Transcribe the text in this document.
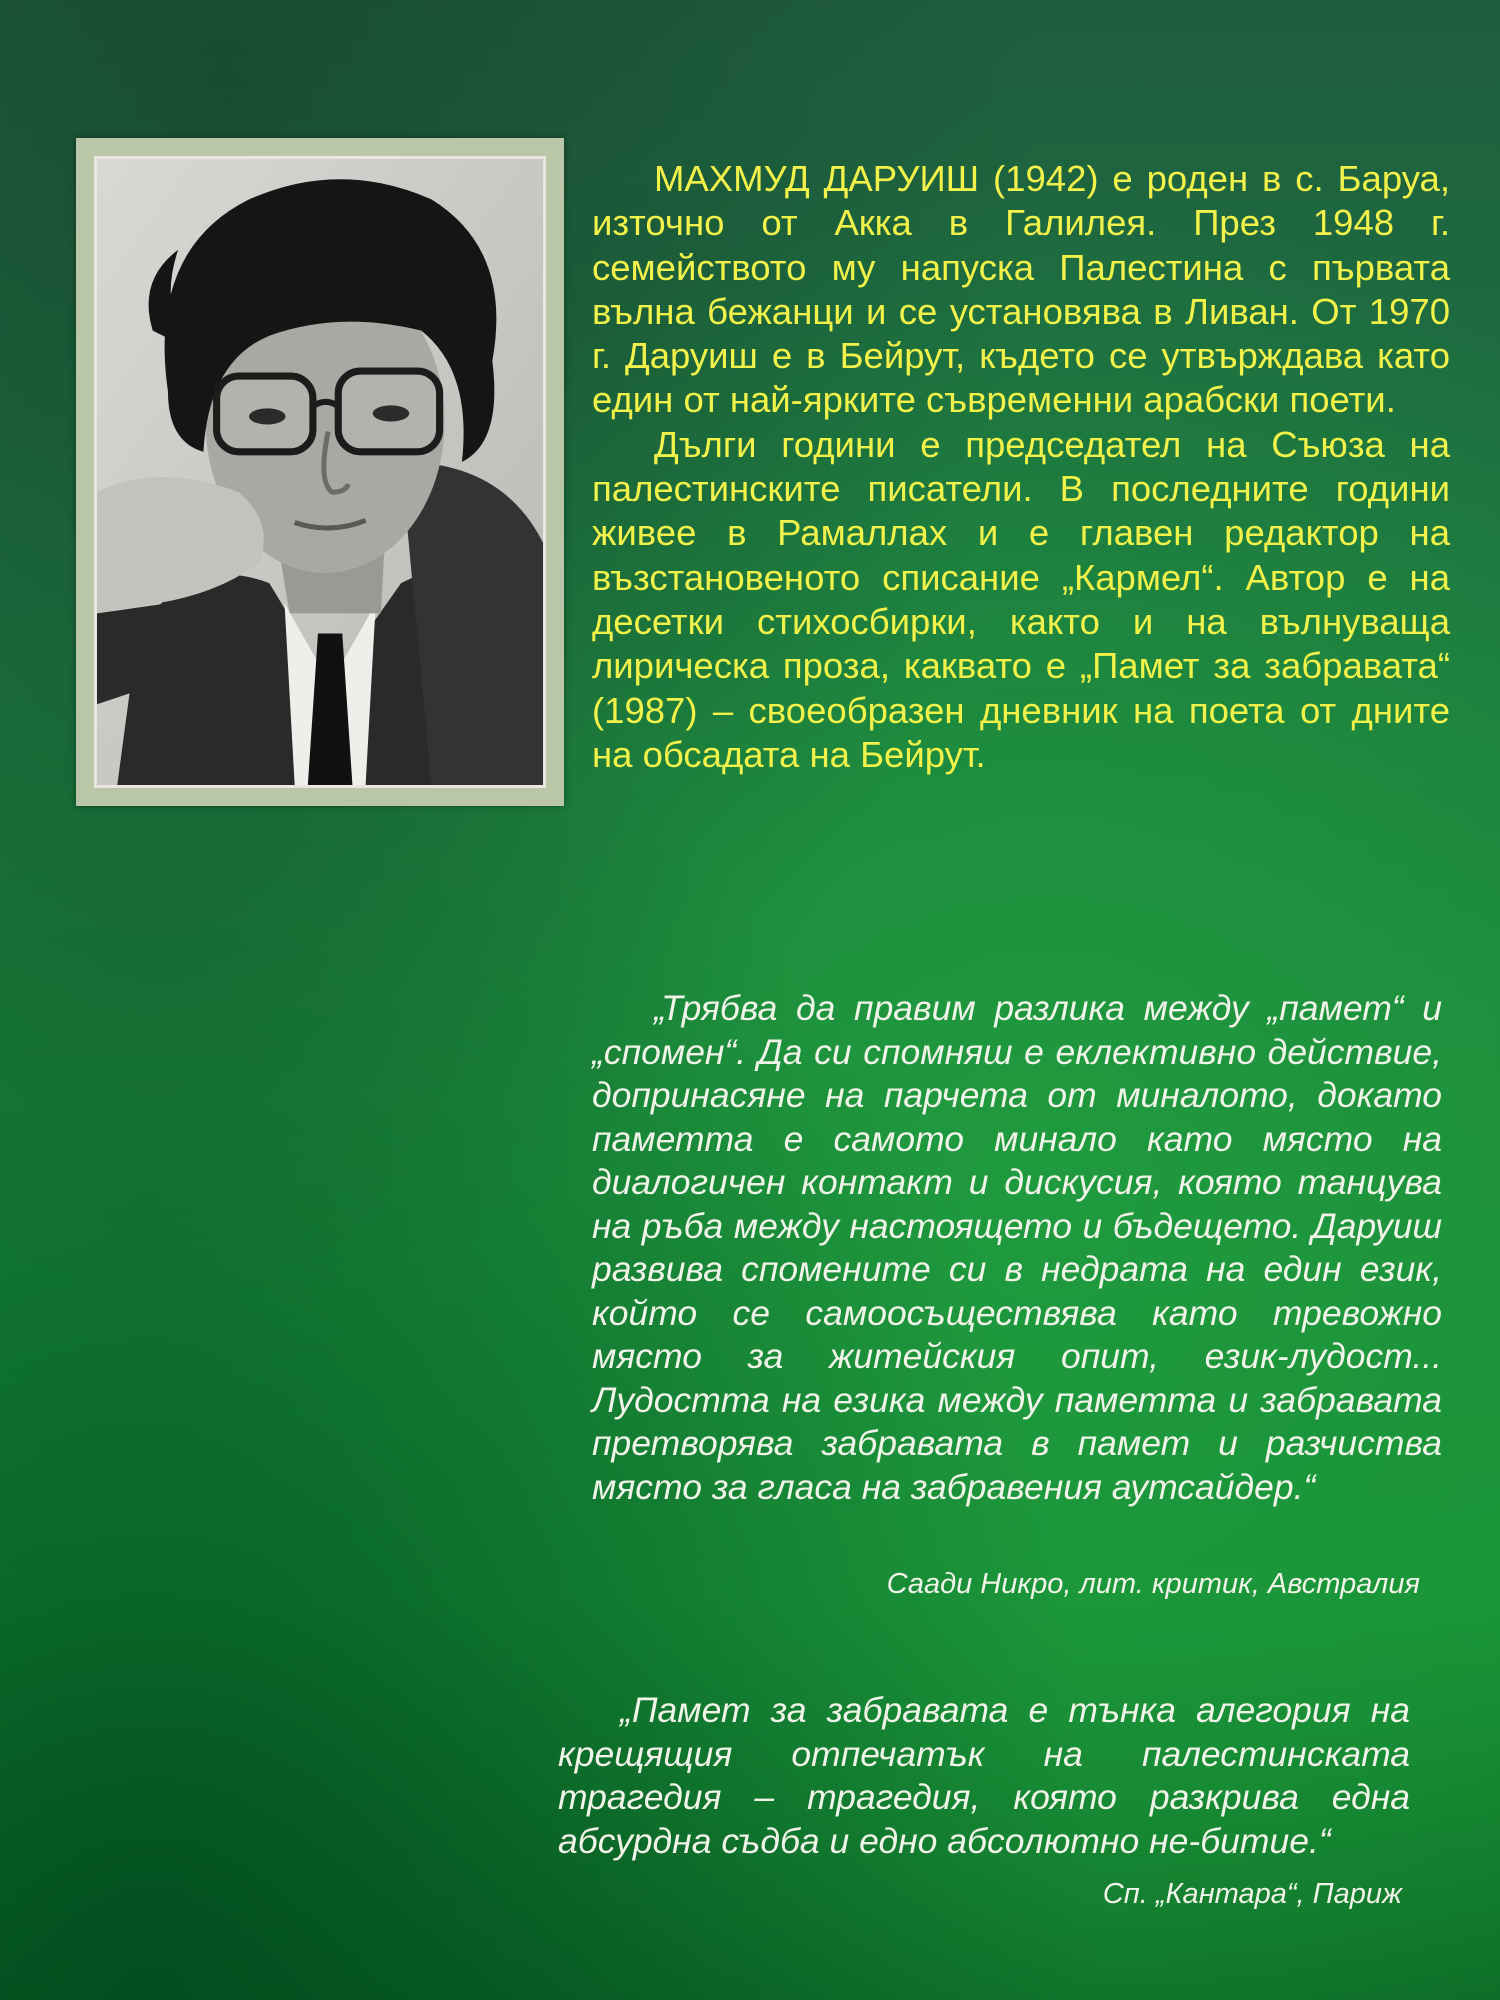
МАХМУД ДАРУИШ (1942) е роден в с. Баруа, източно от Акка в Галилея. През 1948 г. семейството му напуска Палестина с първата вълна бежанци и се установява в Ливан. От 1970 г. Даруиш е в Бейрут, където се утвърждава като един от най-ярките съвременни арабски поети.

Дълги години е председател на Съюза на палестинските писатели. В последните години живее в Рамаллах и е главен редактор на възстановеното списание „Кармел“. Автор е на десетки стихосбирки, както и на вълнуваща лирическа проза, каквато е „Памет за забравата“ (1987) – своеобразен дневник на поета от дните на обсадата на Бейрут.

„Трябва да правим разлика между „памет“ и „спомен“. Да си спомняш е еклективно действие, допринасяне на парчета от миналото, докато паметта е самото минало като място на диалогичен контакт и дискусия, която танцува на ръба между настоящето и бъдещето. Даруиш развива спомените си в недрата на един език, който се самоосъществява като тревожно място за житейския опит, език-лудост... Лудостта на езика между паметта и забравата претворява забравата в памет и разчиства място за гласа на забравения аутсайдер.“

Саади Никро, лит. критик, Австралия

„Памет за забравата е тънка алегория на крещящия отпечатък на палестинската трагедия – трагедия, която разкрива една абсурдна съдба и едно абсолютно не-битие.“

Сп. „Кантара“, Париж
